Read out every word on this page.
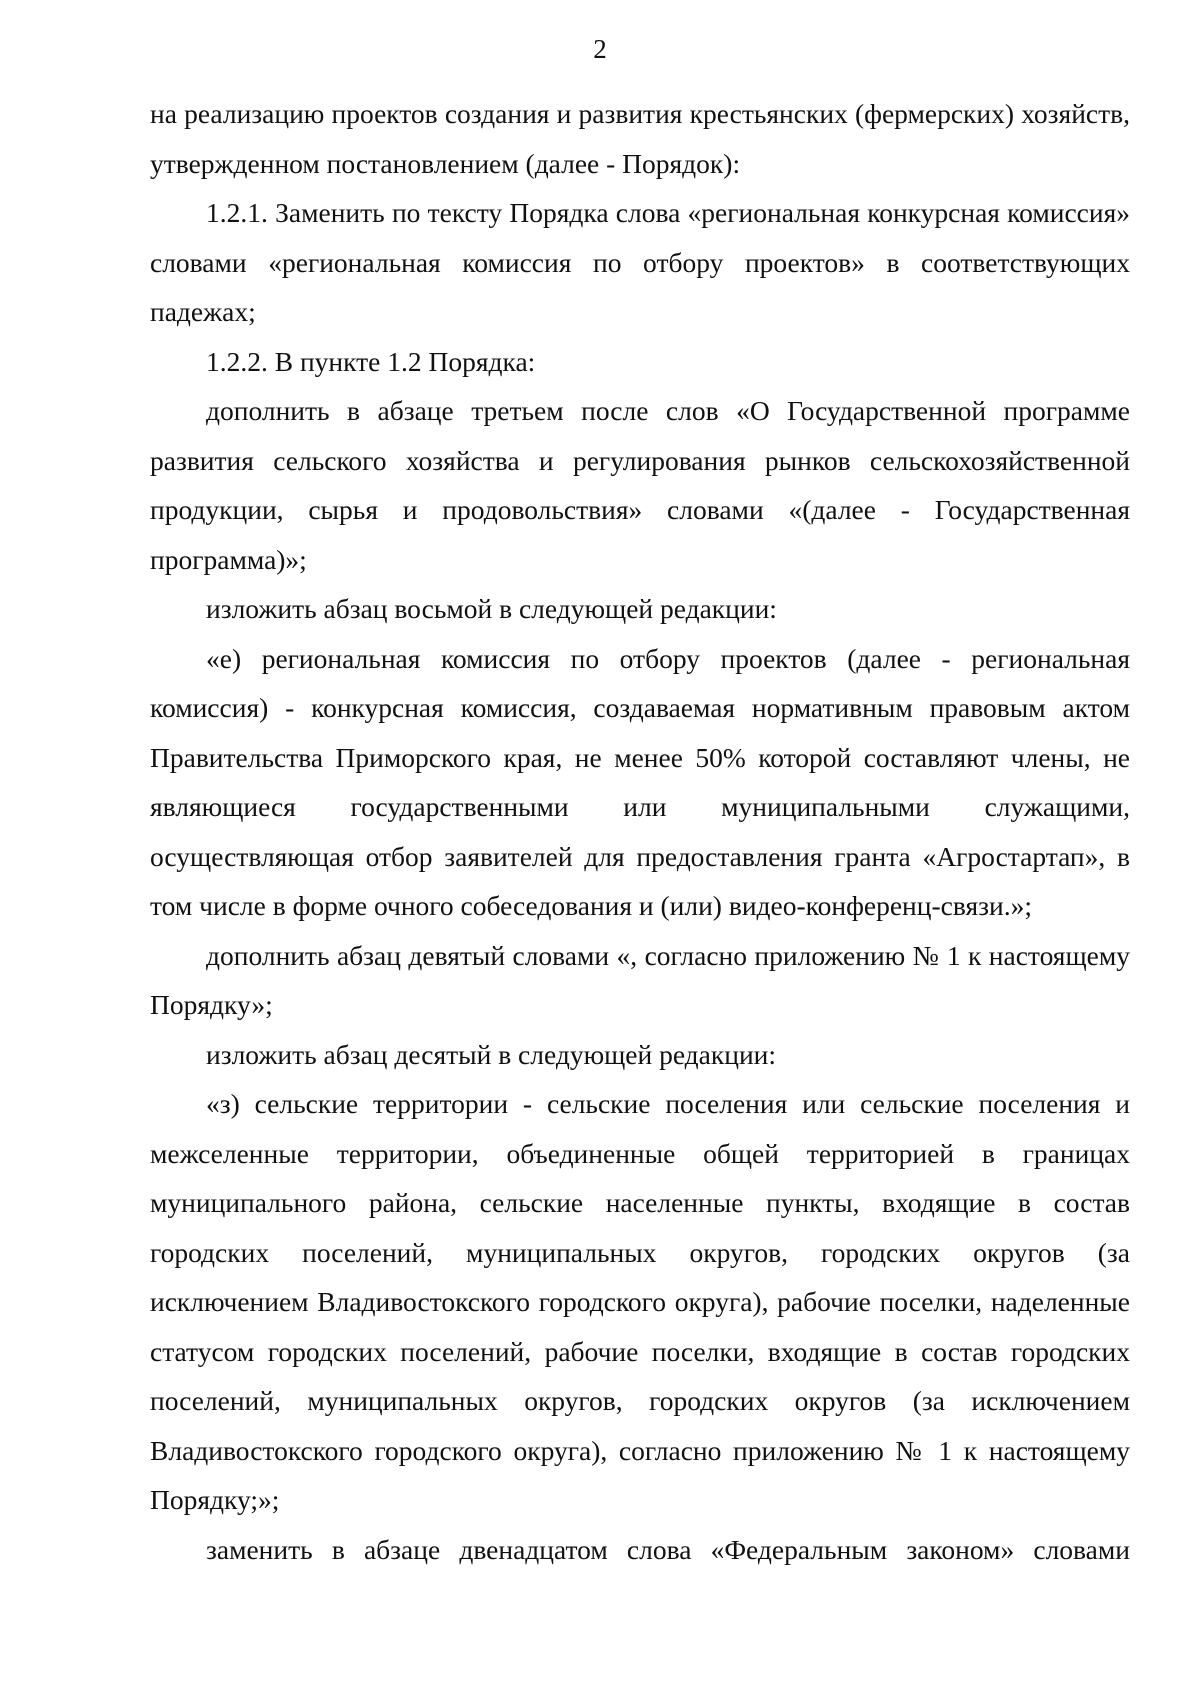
2

на реализацию проектов создания и развития крестьянских (фермерских) хозяйств, утвержденном постановлением (далее - Порядок):

1.2.1. Заменить по тексту Порядка слова «региональная конкурсная комиссия» словами «региональная комиссия по отбору проектов» в соответствующих падежах;

1.2.2. В пункте 1.2 Порядка:

дополнить в абзаце третьем после слов «О Государственной программе развития сельского хозяйства и регулирования рынков сельскохозяйственной продукции, сырья и продовольствия» словами «(далее - Государственная программа)»;

изложить абзац восьмой в следующей редакции:

«е) региональная комиссия по отбору проектов (далее - региональная комиссия) - конкурсная комиссия, создаваемая нормативным правовым актом Правительства Приморского края, не менее 50% которой составляют члены, не являющиеся государственными или муниципальными служащими, осуществляющая отбор заявителей для предоставления гранта «Агростартап», в том числе в форме очного собеседования и (или) видео-конференц-связи.»;

дополнить абзац девятый словами «, согласно приложению № 1 к настоящему Порядку»;

изложить абзац десятый в следующей редакции:

«з) сельские территории - сельские поселения или сельские поселения и межселенные территории, объединенные общей территорией в границах муниципального района, сельские населенные пункты, входящие в состав городских поселений, муниципальных округов, городских округов (за исключением Владивостокского городского округа), рабочие поселки, наделенные статусом городских поселений, рабочие поселки, входящие в состав городских поселений, муниципальных округов, городских округов (за исключением Владивостокского городского округа), согласно приложению № 1 к настоящему Порядку;»;

заменить в абзаце двенадцатом слова «Федеральным законом» словами
